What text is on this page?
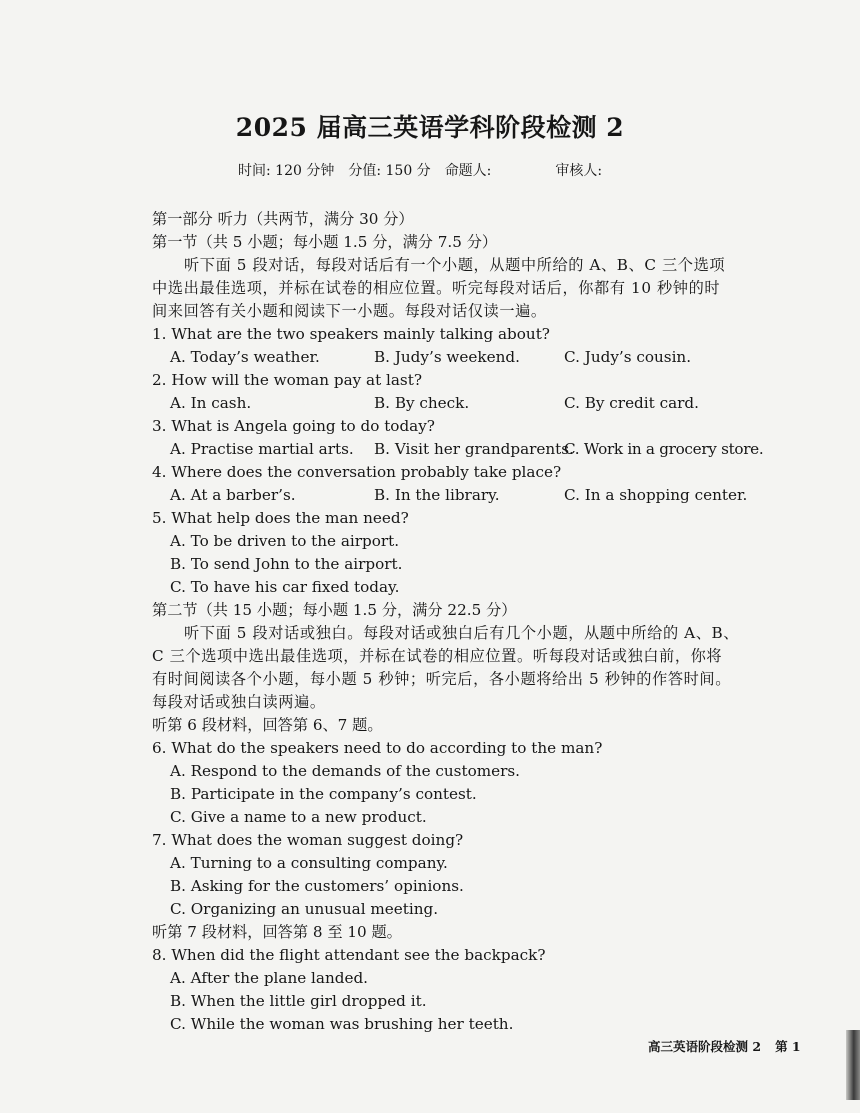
2025 届高三英语学科阶段检测 2
时间: 120 分钟 分值: 150 分 命题人:	审核人:
第一部分 听力（共两节，满分 30 分）
第一节（共 5 小题；每小题 1.5 分，满分 7.5 分）
听下面 5 段对话，每段对话后有一个小题，从题中所给的 A、B、C 三个选项
中选出最佳选项，并标在试卷的相应位置。听完每段对话后，你都有 10 秒钟的时
间来回答有关小题和阅读下一小题。每段对话仅读一遍。
1. What are the two speakers mainly talking about?
A. Today’s weather.	B. Judy’s weekend.	C. Judy’s cousin.
2. How will the woman pay at last?
A. In cash.	B. By check.	C. By credit card.
3. What is Angela going to do today?
A. Practise martial arts. B. Visit her grandparents.
C. Work in a grocery store.
4. Where does the conversation probably take place?
A. At a barber’s.	B. In the library.	C. In a shopping center.
5. What help does the man need?
A. To be driven to the airport.
B. To send John to the airport.
C. To have his car fixed today.
第二节（共 15 小题；每小题 1.5 分，满分 22.5 分）
听下面 5 段对话或独白。每段对话或独白后有几个小题，从题中所给的 A、B、
C 三个选项中选出最佳选项，并标在试卷的相应位置。听每段对话或独白前，你将
有时间阅读各个小题，每小题 5 秒钟；听完后，各小题将给出 5 秒钟的作答时间。
每段对话或独白读两遍。
听第 6 段材料，回答第 6、7 题。
6. What do the speakers need to do according to the man?
A. Respond to the demands of the customers.
B. Participate in the company’s contest.
C. Give a name to a new product.
7. What does the woman suggest doing?
A. Turning to a consulting company.
B. Asking for the customers’ opinions.
C. Organizing an unusual meeting.
听第 7 段材料，回答第 8 至 10 题。
8. When did the flight attendant see the backpack?
A. After the plane landed.
B. When the little girl dropped it.
C. While the woman was brushing her teeth.
高三英语阶段检测 2 第 1
